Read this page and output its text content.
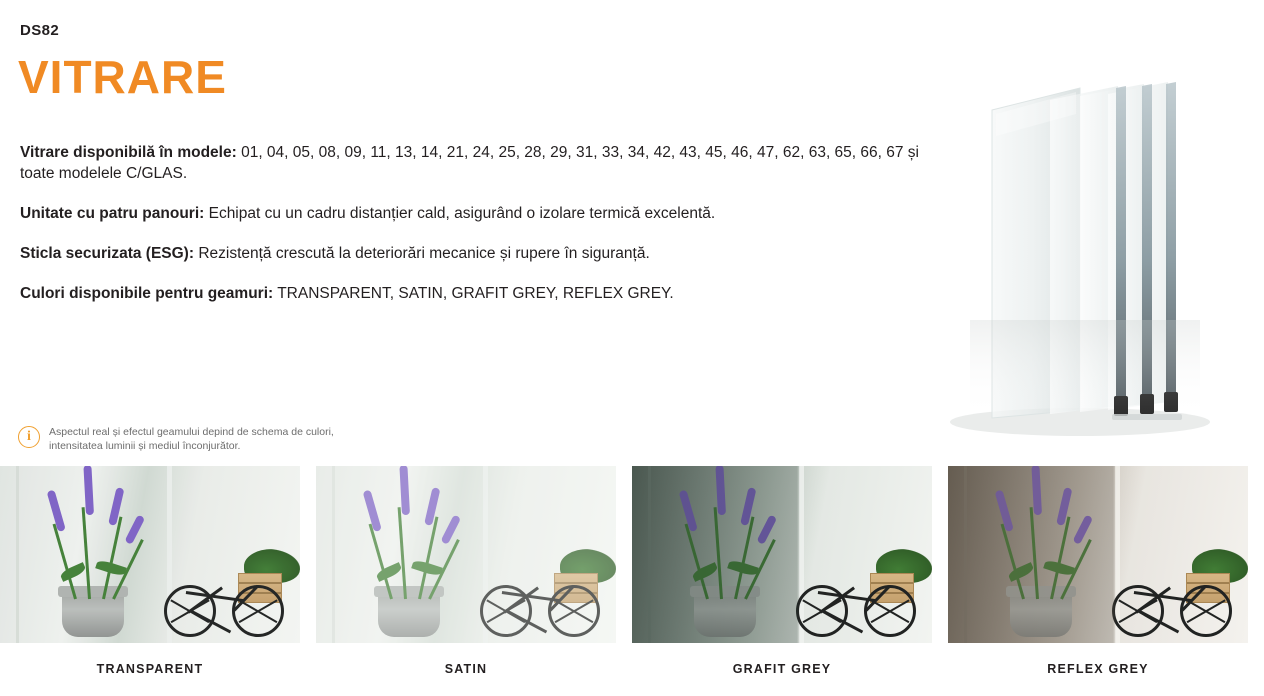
DS82
VITRARE
Vitrare disponibilă în modele: 01, 04, 05, 08, 09, 11, 13, 14, 21, 24, 25, 28, 29, 31, 33, 34, 42, 43, 45, 46, 47, 62, 63, 65, 66, 67 și toate modelele C/GLAS.
Unitate cu patru panouri: Echipat cu un cadru distanțier cald, asigurând o izolare termică excelentă.
Sticla securizata (ESG): Rezistență crescută la deteriorări mecanice și rupere în siguranță.
Culori disponibile pentru geamuri: TRANSPARENT, SATIN, GRAFIT GREY, REFLEX GREY.
i	Aspectul real și efectul geamului depind de schema de culori,
intensitatea luminii și mediul înconjurător.
TRANSPARENT	SATIN	GRAFIT GREY	REFLEX GREY
